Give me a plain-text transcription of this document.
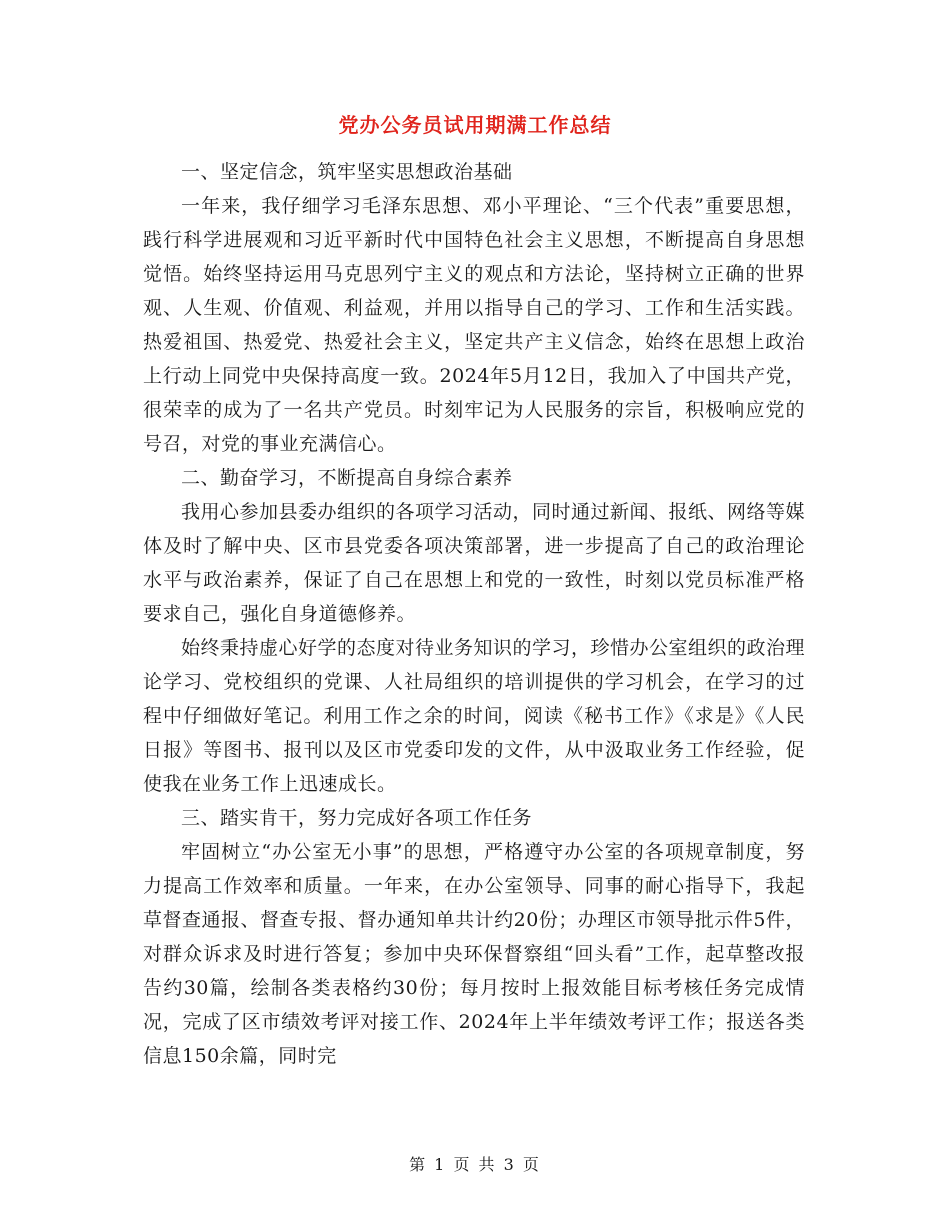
党办公务员试用期满工作总结

一、坚定信念，筑牢坚实思想政治基础

一年来，我仔细学习毛泽东思想、邓小平理论、“三个代表”重要思想，践行科学进展观和习近平新时代中国特色社会主义思想，不断提高自身思想觉悟。始终坚持运用马克思列宁主义的观点和方法论，坚持树立正确的世界观、人生观、价值观、利益观，并用以指导自己的学习、工作和生活实践。热爱祖国、热爱党、热爱社会主义，坚定共产主义信念，始终在思想上政治上行动上同党中央保持高度一致。2024年5月12日，我加入了中国共产党，很荣幸的成为了一名共产党员。时刻牢记为人民服务的宗旨，积极响应党的号召，对党的事业充满信心。

二、勤奋学习，不断提高自身综合素养

我用心参加县委办组织的各项学习活动，同时通过新闻、报纸、网络等媒体及时了解中央、区市县党委各项决策部署，进一步提高了自己的政治理论水平与政治素养，保证了自己在思想上和党的一致性，时刻以党员标准严格要求自己，强化自身道德修养。

始终秉持虚心好学的态度对待业务知识的学习，珍惜办公室组织的政治理论学习、党校组织的党课、人社局组织的培训提供的学习机会，在学习的过程中仔细做好笔记。利用工作之余的时间，阅读《秘书工作》《求是》《人民日报》等图书、报刊以及区市党委印发的文件，从中汲取业务工作经验，促使我在业务工作上迅速成长。

三、踏实肯干，努力完成好各项工作任务

牢固树立“办公室无小事”的思想，严格遵守办公室的各项规章制度，努力提高工作效率和质量。一年来，在办公室领导、同事的耐心指导下，我起草督查通报、督查专报、督办通知单共计约20份；办理区市领导批示件5件，对群众诉求及时进行答复；参加中央环保督察组“回头看”工作，起草整改报告约30篇，绘制各类表格约30份；每月按时上报效能目标考核任务完成情况，完成了区市绩效考评对接工作、2024年上半年绩效考评工作；报送各类信息150余篇，同时完

第 1 页 共 3 页
